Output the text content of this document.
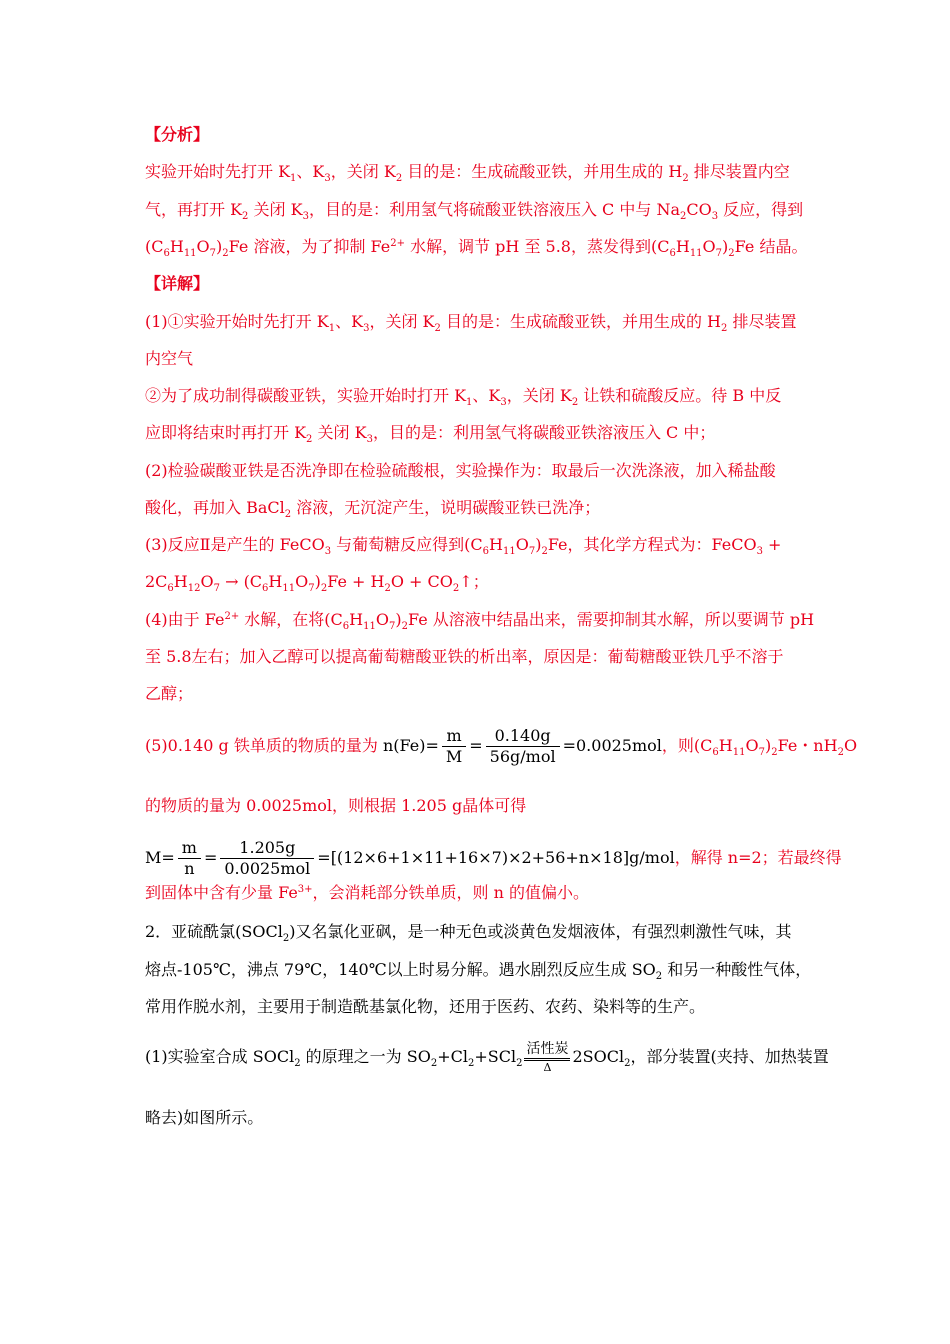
【分析】
实验开始时先打开 $K_1$、$K_3$，关闭 $K_2$ 目的是：生成硫酸亚铁，并用生成的 $H_2$ 排尽装置内空
气，再打开 $K_2$ 关闭 $K_3$，目的是：利用氢气将硫酸亚铁溶液压入 C 中与 $Na_2CO_3$ 反应，得到
$(C_6H_{11}O_7)_2Fe$ 溶液，为了抑制 $Fe^{2+}$ 水解，调节 pH 至 5.8，蒸发得到$(C_6H_{11}O_7)_2Fe$ 结晶。
【详解】
(1)①实验开始时先打开 $K_1$、$K_3$，关闭 $K_2$ 目的是：生成硫酸亚铁，并用生成的 $H_2$ 排尽装置
内空气
②为了成功制得碳酸亚铁，实验开始时打开 $K_1$、$K_3$，关闭 $K_2$ 让铁和硫酸反应。待 B 中反
应即将结束时再打开 $K_2$ 关闭 $K_3$，目的是：利用氢气将碳酸亚铁溶液压入 C 中；
(2)检验碳酸亚铁是否洗净即在检验硫酸根，实验操作为：取最后一次洗涤液，加入稀盐酸
酸化，再加入 BaCl$_2$ 溶液，无沉淀产生，说明碳酸亚铁已洗净；
(3)反应Ⅱ是产生的 FeCO$_3$ 与葡萄糖反应得到$(C_6H_{11}O_7)_2Fe$，其化学方程式为：FeCO$_3$ +
$2C_6H_{12}O_7 \to (C_6H_{11}O_7)_2Fe + H_2O$ + $CO_2↑$；
(4)由于 $Fe^{2+}$ 水解，在将$(C_6H_{11}O_7)_2Fe$ 从溶液中结晶出来，需要抑制其水解，所以要调节 pH
至 5.8左右；加入乙醇可以提高葡萄糖酸亚铁的析出率，原因是：葡萄糖酸亚铁几乎不溶于
乙醇；
(5)0.140 g 铁单质的物质的量为 $n(Fe)= \frac{m}{M} = \frac{0.140g}{\text{56g/mol}} =0.0025mol$，则$(C_6H_{11}O_7)_2Fe$・$nH_2O$
的物质的量为 0.0025mol，则根据 1.205 g晶体可得
$M= \frac{m}{n} = \frac{1.205g}{\text{0.0025mol}} =[(12\times 6+1\times 11+16\times 7)\times 2+56+n\times 18]g/mol$，解得 n=2；若最终得
到固体中含有少量 $Fe^{3+}$，会消耗部分铁单质，则 n 的值偏小。
2．亚硫酰氯(SOCl$_2$)又名氯化亚砜，是一种无色或淡黄色发烟液体，有强烈刺激性气味，其
熔点-105℃，沸点 79℃，140℃以上时易分解。遇水剧烈反应生成 $SO_2$ 和另一种酸性气体，
常用作脱水剂，主要用于制造酰基氯化物，还用于医药、农药、染料等的生产。
(1)实验室合成 SOCl$_2$ 的原理之一为 $SO_2+Cl_2+SCl_2$
活性炭
Δ
2SOCl$_2$，部分装置(夹持、加热装置
略去)如图所示。
